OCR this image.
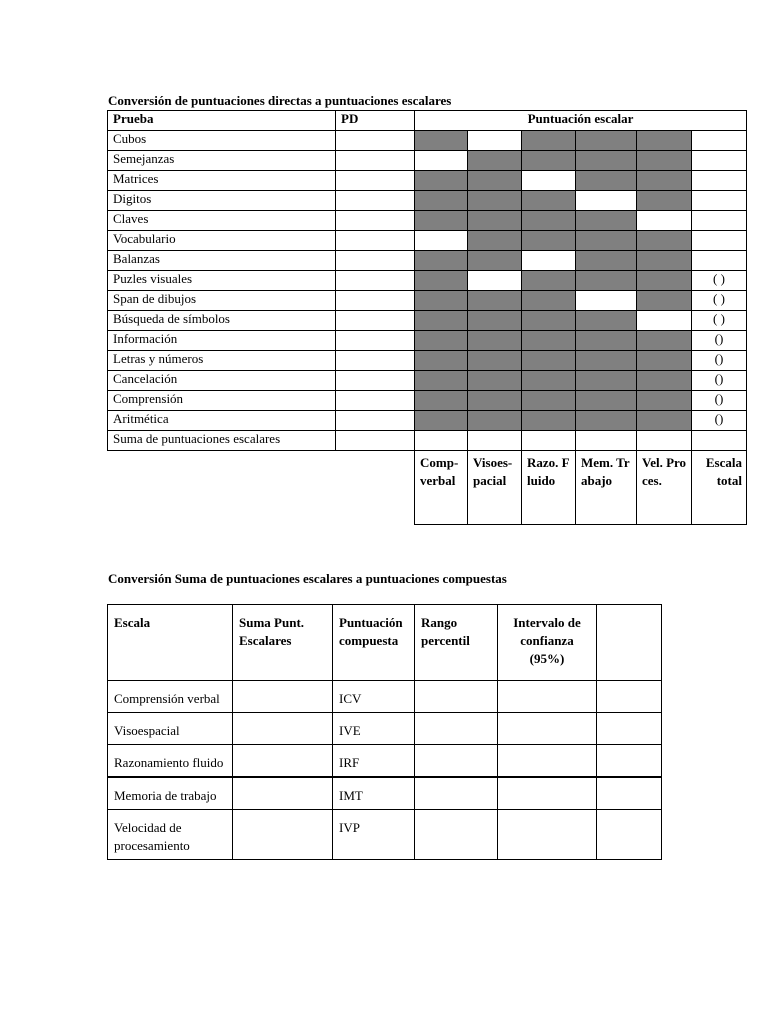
Conversión de puntuaciones directas a puntuaciones escalares
Prueba	PD	Puntuación escalar					
Cubos							
Semejanzas							
Matrices							
Digitos							
Claves							
Vocabulario							
Balanzas							
Puzles visuales							( )
Span de dibujos							( )
Búsqueda de símbolos							( )
Información							()
Letras y números							()
Cancelación							()
Comprensión							()
Aritmética							()
Suma de puntuaciones escalares							
		Comp-verbal	Visoes-pacial	Razo. Fluido	Mem. Trabajo	Vel. Proces.	Escala total
Conversión Suma de puntuaciones escalares a puntuaciones compuestas
Escala	Suma Punt. Escalares	Puntuación compuesta	Rango percentil	Intervalo de confianza (95%)	
Comprensión verbal		ICV			
Visoespacial		IVE			
Razonamiento fluido		IRF			
Memoria de trabajo		IMT			
Velocidad de procesamiento		IVP			
